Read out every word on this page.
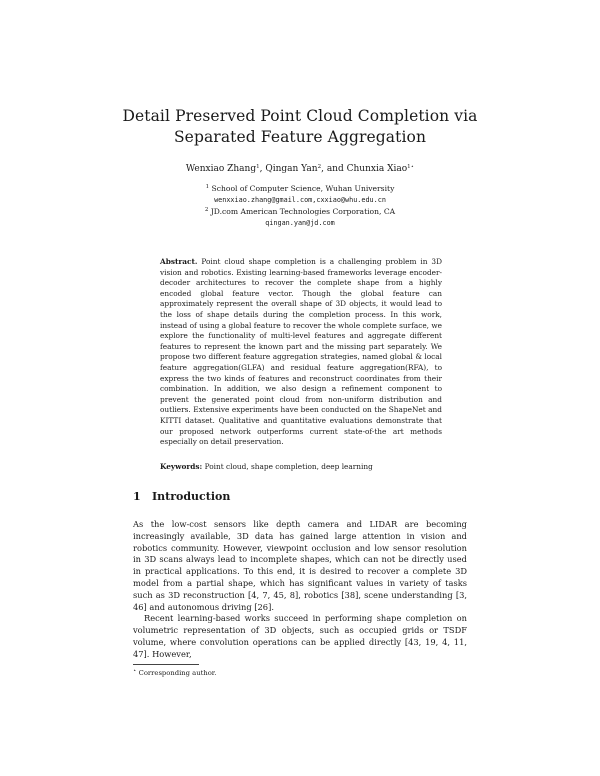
Detail Preserved Point Cloud Completion via
Separated Feature Aggregation
Wenxiao Zhang$^1$, Qingan Yan$^2$, and Chunxia Xiao$^{1⋆}$
$^1$ School of Computer Science, Wuhan University
wenxxiao.zhang@gmail.com,cxxiao@whu.edu.cn
$^2$ JD.com American Technologies Corporation, CA
qingan.yan@jd.com
Abstract. Point cloud shape completion is a challenging problem in 3D vision and robotics. Existing learning-based frameworks leverage encoder-decoder architectures to recover the complete shape from a highly encoded global feature vector. Though the global feature can approximately represent the overall shape of 3D objects, it would lead to the loss of shape details during the completion process. In this work, instead of using a global feature to recover the whole complete surface, we explore the functionality of multi-level features and aggregate different features to represent the known part and the missing part separately. We propose two different feature aggregation strategies, named global & local feature aggregation(GLFA) and residual feature aggregation(RFA), to express the two kinds of features and reconstruct coordinates from their combination. In addition, we also design a refinement component to prevent the generated point cloud from non-uniform distribution and outliers. Extensive experiments have been conducted on the ShapeNet and KITTI dataset. Qualitative and quantitative evaluations demonstrate that our proposed network outperforms current state-of-the art methods especially on detail preservation.
Keywords: Point cloud, shape completion, deep learning
1 Introduction

As the low-cost sensors like depth camera and LIDAR are becoming increasingly available, 3D data has gained large attention in vision and robotics community. However, viewpoint occlusion and low sensor resolution in 3D scans always lead to incomplete shapes, which can not be directly used in practical applications. To this end, it is desired to recover a complete 3D model from a partial shape, which has significant values in variety of tasks such as 3D reconstruction [4, 7, 45, 8], robotics [38], scene understanding [3, 46] and autonomous driving [26].

Recent learning-based works succeed in performing shape completion on volumetric representation of 3D objects, such as occupied grids or TSDF volume, where convolution operations can be applied directly [43, 19, 4, 11, 47]. However,

⋆ Corresponding author.
